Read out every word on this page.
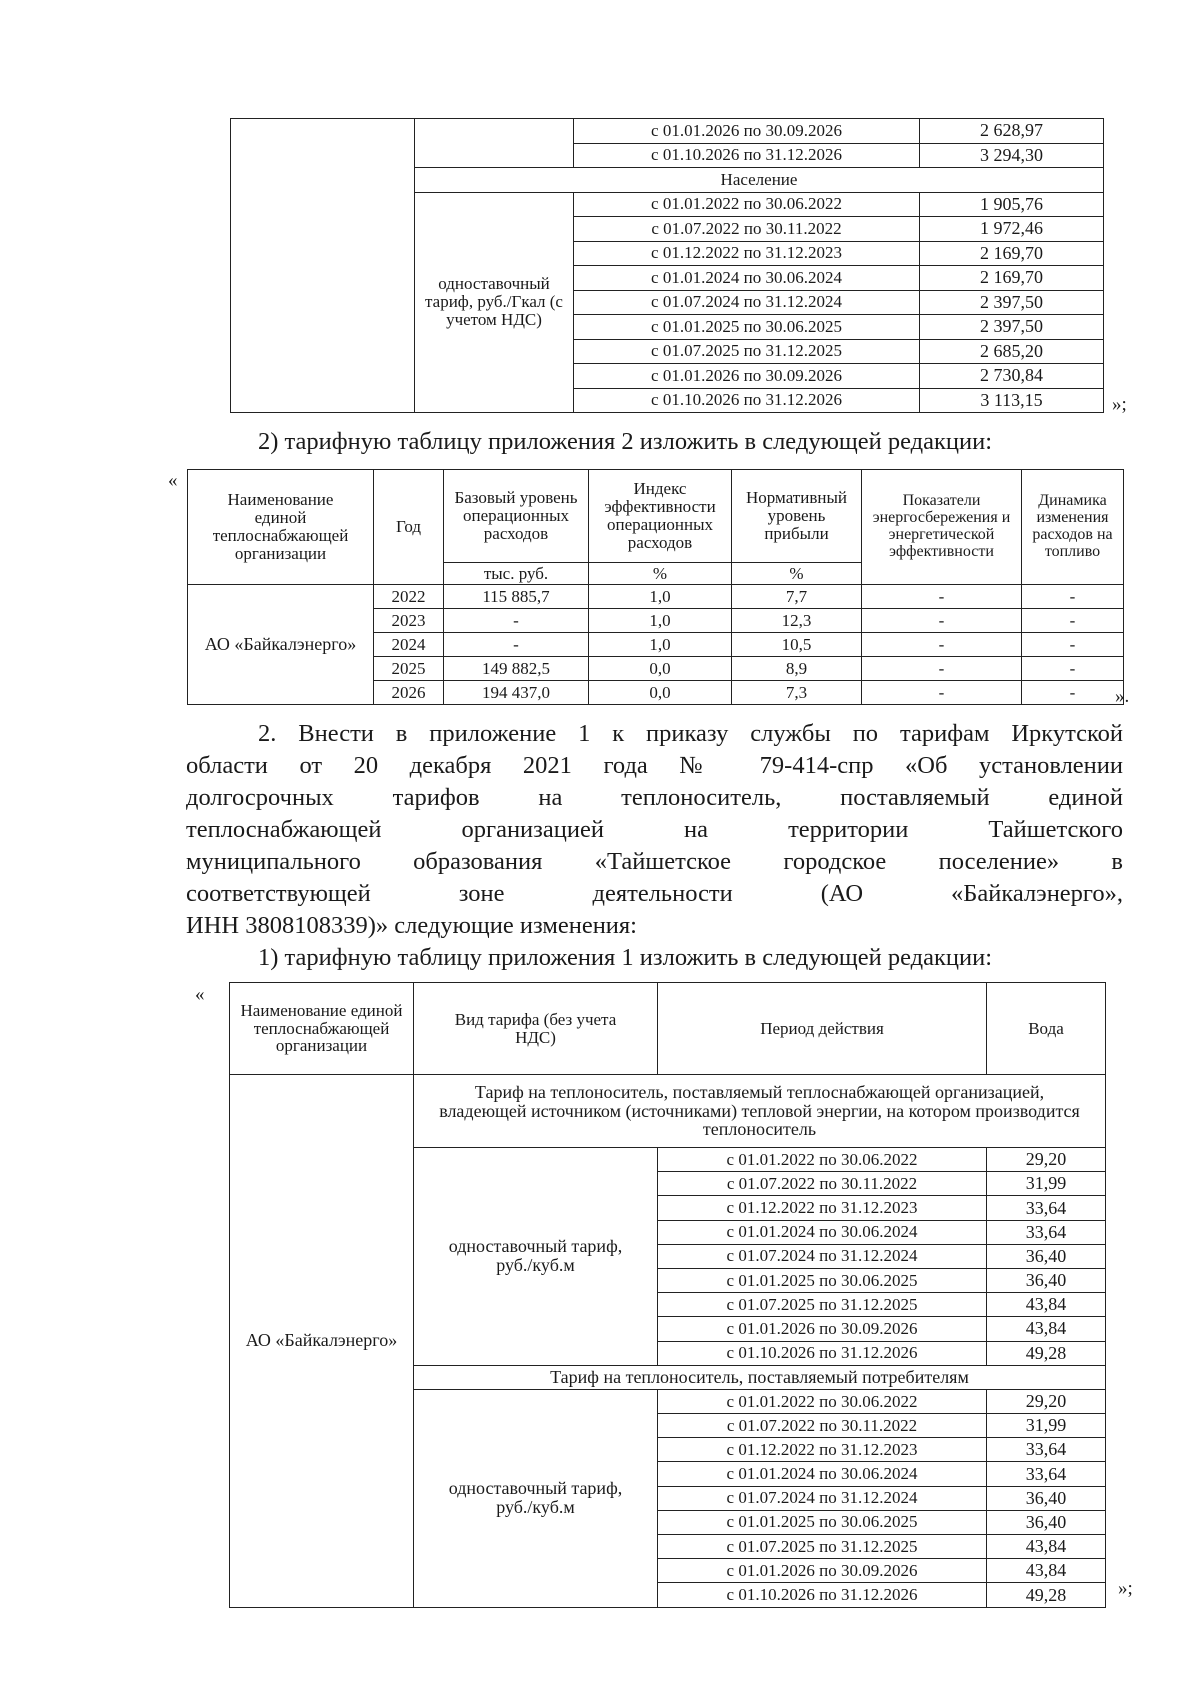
		с 01.01.2026 по 30.09.2026	2 628,97
		с 01.10.2026 по 31.12.2026	3 294,30
	Население		
	одноставочный тариф, руб./Гкал (с учетом НДС)	с 01.01.2022 по 30.06.2022	1 905,76
		с 01.07.2022 по 30.11.2022	1 972,46
		с 01.12.2022 по 31.12.2023	2 169,70
		с 01.01.2024 по 30.06.2024	2 169,70
		с 01.07.2024 по 31.12.2024	2 397,50
		с 01.01.2025 по 30.06.2025	2 397,50
		с 01.07.2025 по 31.12.2025	2 685,20
		с 01.01.2026 по 30.09.2026	2 730,84
		с 01.10.2026 по 31.12.2026	3 113,15	»;
2) тарифную таблицу приложения 2 изложить в следующей редакции:
«
Наименование единой теплоснабжающей организации	Год	Базовый уровень операционных расходов	Индекс эффективности операционных расходов	Нормативный уровень прибыли	Показатели энергосбережения и энергетической эффективности	Динамика изменения расходов на топливо
		тыс. руб.	%	%		
АО «Байкалэнерго»	2022	115 885,7	1,0	7,7	-	-
	2023	-	1,0	12,3	-	-
	2024	-	1,0	10,5	-	-
	2025	149 882,5	0,0	8,9	-	-
	2026	194 437,0	0,0	7,3	-	- ».
2. Внести в приложение 1 к приказу службы по тарифам Иркутской
области от 20 декабря 2021 года № 79-414-спр «Об установлении
долгосрочных тарифов на теплоноситель, поставляемый единой
теплоснабжающей организацией на территории Тайшетского
муниципального образования «Тайшетское городское поселение» в
соответствующей зоне деятельности (АО «Байкалэнерго»,
ИНН 3808108339)» следующие изменения:
1) тарифную таблицу приложения 1 изложить в следующей редакции:
«
Наименование единой теплоснабжающей организации	Вид тарифа (без учета НДС)	Период действия	Вода
АО «Байкалэнерго»	Тариф на теплоноситель, поставляемый теплоснабжающей организацией, владеющей источником (источниками) тепловой энергии, на котором производится теплоноситель		
	одноставочный тариф, руб./куб.м	с 01.01.2022 по 30.06.2022	29,20
		с 01.07.2022 по 30.11.2022	31,99
		с 01.12.2022 по 31.12.2023	33,64
		с 01.01.2024 по 30.06.2024	33,64
		с 01.07.2024 по 31.12.2024	36,40
		с 01.01.2025 по 30.06.2025	36,40
		с 01.07.2025 по 31.12.2025	43,84
		с 01.01.2026 по 30.09.2026	43,84
		с 01.10.2026 по 31.12.2026	49,28
	Тариф на теплоноситель, поставляемый потребителям		
	одноставочный тариф, руб./куб.м	с 01.01.2022 по 30.06.2022	29,20
		с 01.07.2022 по 30.11.2022	31,99
		с 01.12.2022 по 31.12.2023	33,64
		с 01.01.2024 по 30.06.2024	33,64
		с 01.07.2024 по 31.12.2024	36,40
		с 01.01.2025 по 30.06.2025	36,40
		с 01.07.2025 по 31.12.2025	43,84
		с 01.01.2026 по 30.09.2026	43,84
		с 01.10.2026 по 31.12.2026	49,28	»;
